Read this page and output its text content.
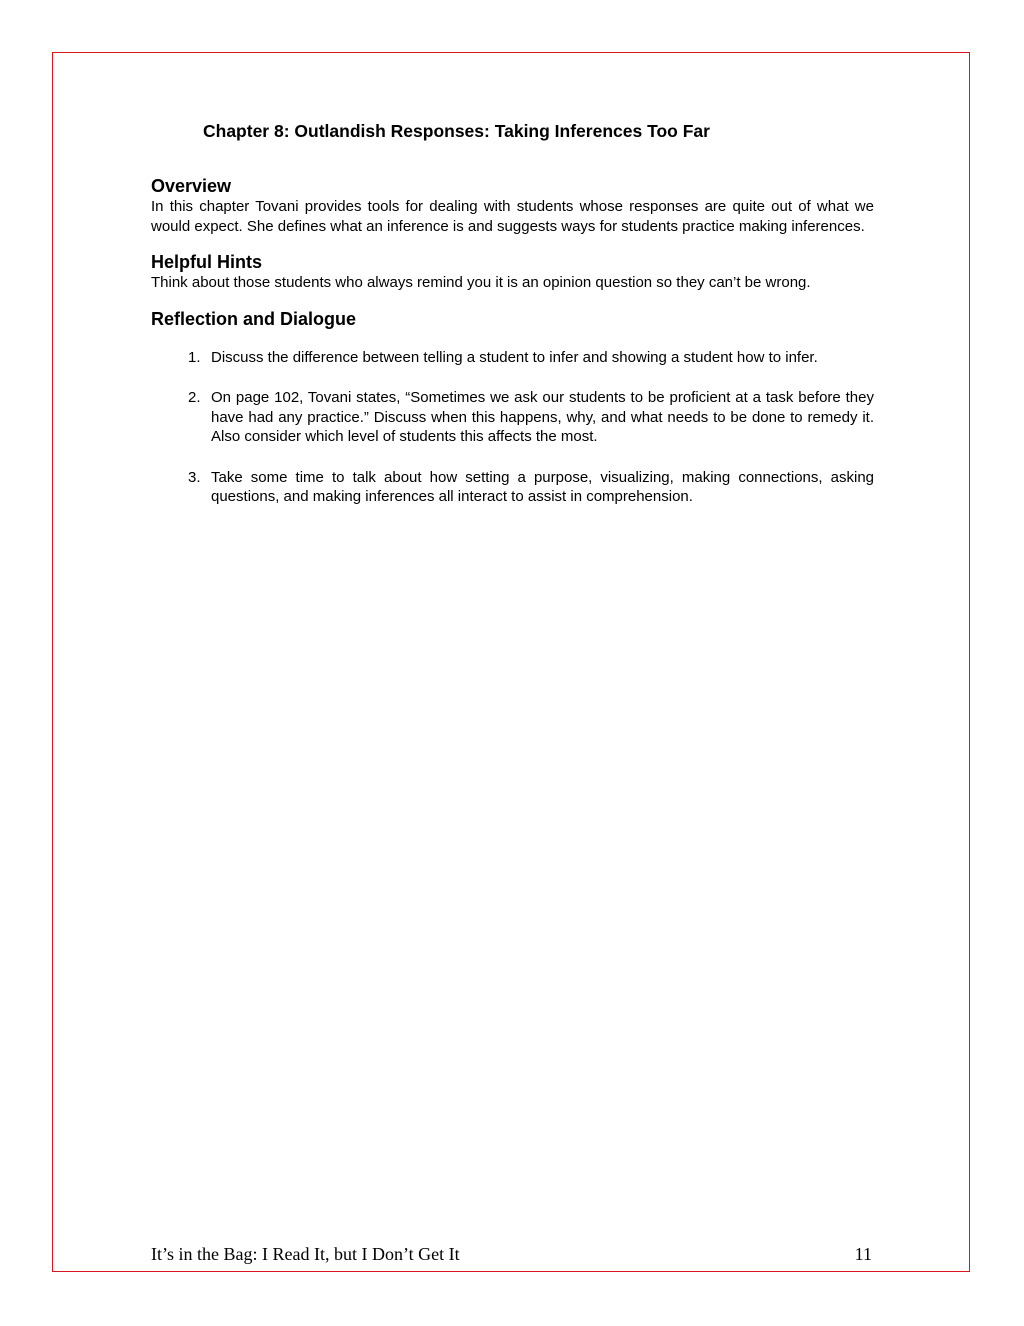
Chapter 8: Outlandish Responses: Taking Inferences Too Far
Overview

In this chapter Tovani provides tools for dealing with students whose responses are quite out of what we would expect. She defines what an inference is and suggests ways for students practice making inferences.

Helpful Hints

Think about those students who always remind you it is an opinion question so they can’t be wrong.

Reflection and Dialogue
1. Discuss the difference between telling a student to infer and showing a student how to infer.
2. On page 102, Tovani states, “Sometimes we ask our students to be proficient at a task before they have had any practice.” Discuss when this happens, why, and what needs to be done to remedy it. Also consider which level of students this affects the most.
3. Take some time to talk about how setting a purpose, visualizing, making connections, asking questions, and making inferences all interact to assist in comprehension.
It’s in the Bag: I Read It, but I Don’t Get It	11
